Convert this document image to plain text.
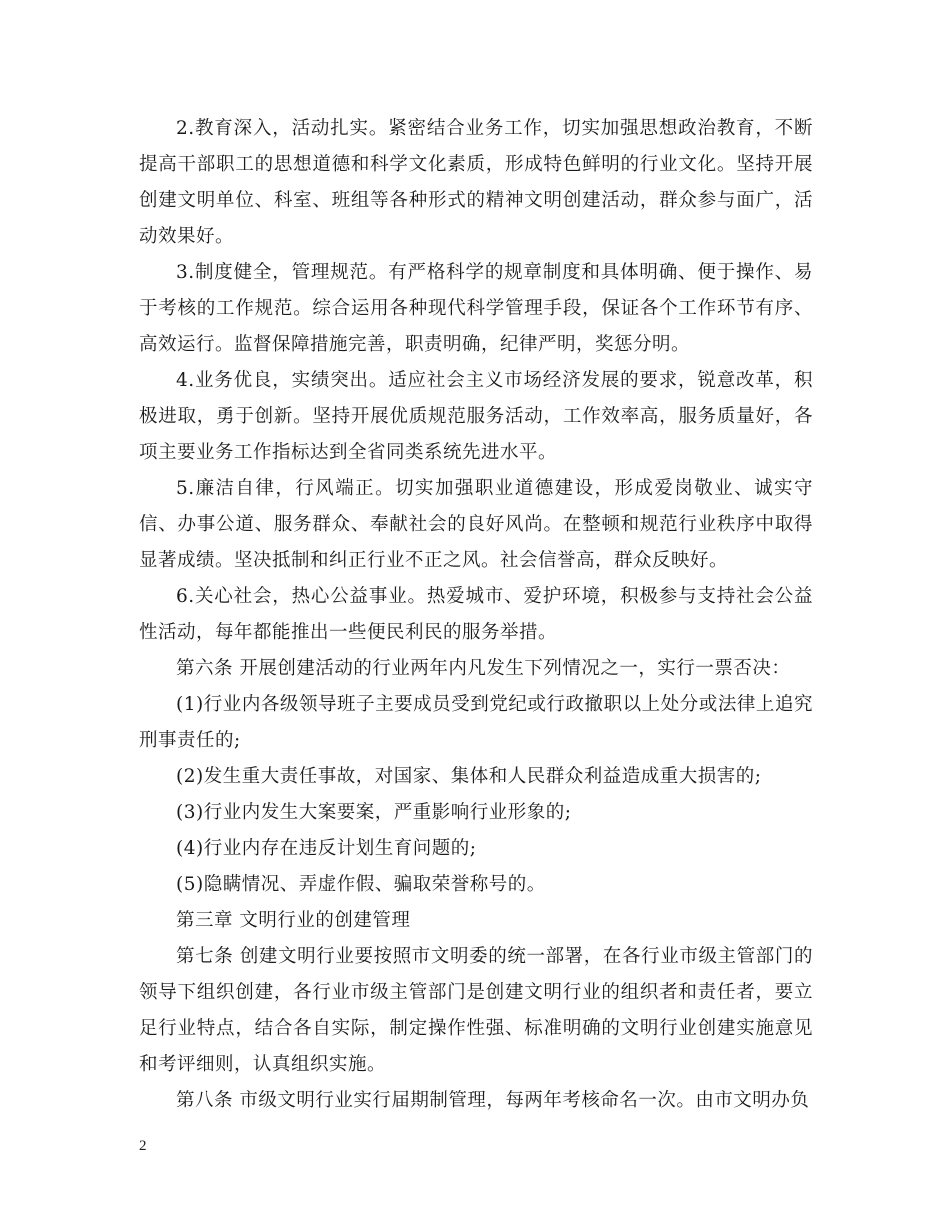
2.教育深入，活动扎实。紧密结合业务工作，切实加强思想政治教育，不断提高干部职工的思想道德和科学文化素质，形成特色鲜明的行业文化。坚持开展创建文明单位、科室、班组等各种形式的精神文明创建活动，群众参与面广，活动效果好。

3.制度健全，管理规范。有严格科学的规章制度和具体明确、便于操作、易于考核的工作规范。综合运用各种现代科学管理手段，保证各个工作环节有序、高效运行。监督保障措施完善，职责明确，纪律严明，奖惩分明。

4.业务优良，实绩突出。适应社会主义市场经济发展的要求，锐意改革，积极进取，勇于创新。坚持开展优质规范服务活动，工作效率高，服务质量好，各项主要业务工作指标达到全省同类系统先进水平。

5.廉洁自律，行风端正。切实加强职业道德建设，形成爱岗敬业、诚实守信、办事公道、服务群众、奉献社会的良好风尚。在整顿和规范行业秩序中取得显著成绩。坚决抵制和纠正行业不正之风。社会信誉高，群众反映好。

6.关心社会，热心公益事业。热爱城市、爱护环境，积极参与支持社会公益性活动，每年都能推出一些便民利民的服务举措。

第六条 开展创建活动的行业两年内凡发生下列情况之一，实行一票否决：

(1)行业内各级领导班子主要成员受到党纪或行政撤职以上处分或法律上追究刑事责任的;

(2)发生重大责任事故，对国家、集体和人民群众利益造成重大损害的;

(3)行业内发生大案要案，严重影响行业形象的;

(4)行业内存在违反计划生育问题的;

(5)隐瞒情况、弄虚作假、骗取荣誉称号的。

第三章 文明行业的创建管理

第七条 创建文明行业要按照市文明委的统一部署，在各行业市级主管部门的领导下组织创建，各行业市级主管部门是创建文明行业的组织者和责任者，要立足行业特点，结合各自实际，制定操作性强、标准明确的文明行业创建实施意见和考评细则，认真组织实施。

第八条 市级文明行业实行届期制管理，每两年考核命名一次。由市文明办负

2
